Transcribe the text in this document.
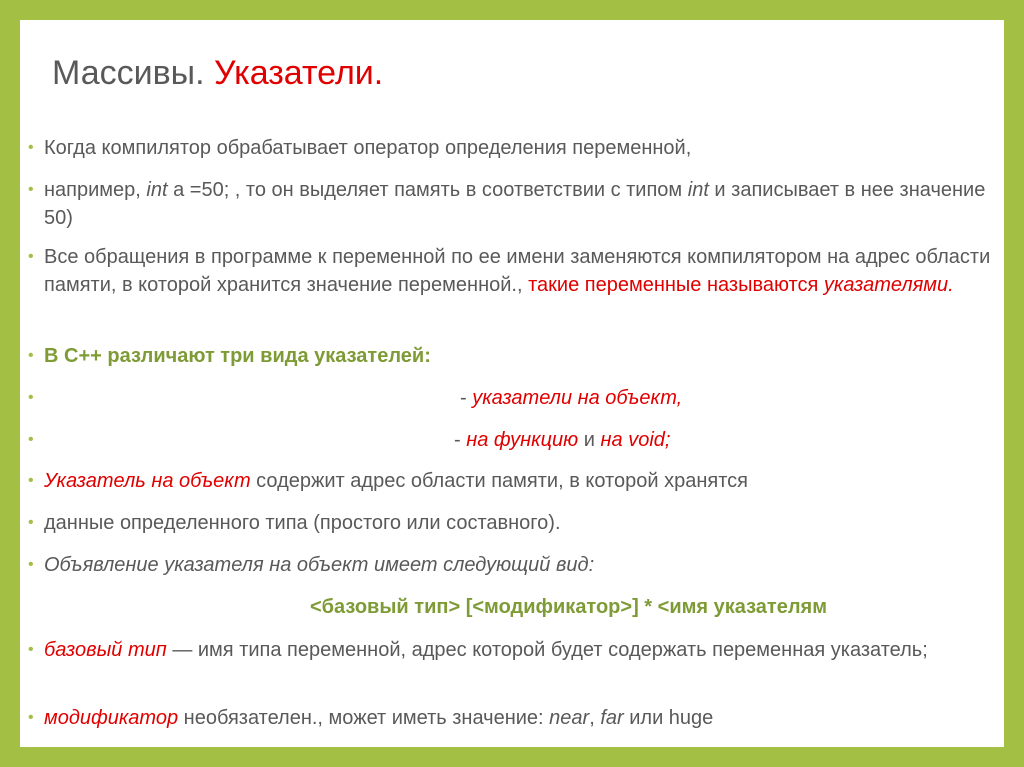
Массивы. Указатели.
• Когда компилятор обрабатывает оператор определения переменной,
• например, int а =50; , то он выделяет память в соответствии с типом int и записывает в нее значение 50)
• Все обращения в программе к переменной по ее имени заменяются компилятором на адрес области памяти, в которой хранится значение переменной., такие переменные называются указателями.
• В С++ различают три вида указателей:
•	- указатели на объект,
•	- на функцию и на void;
• Указатель на объект содержит адрес области памяти, в которой хранятся
• данные определенного типа (простого или составного).
• Объявление указателя на объект имеет следующий вид:
<базовый тип> [<модификатор>] * <имя указателям
• базовый тип — имя типа переменной, адрес которой будет содержать переменная указатель;
• модификатор необязателен., может иметь значение: near, far или huge
